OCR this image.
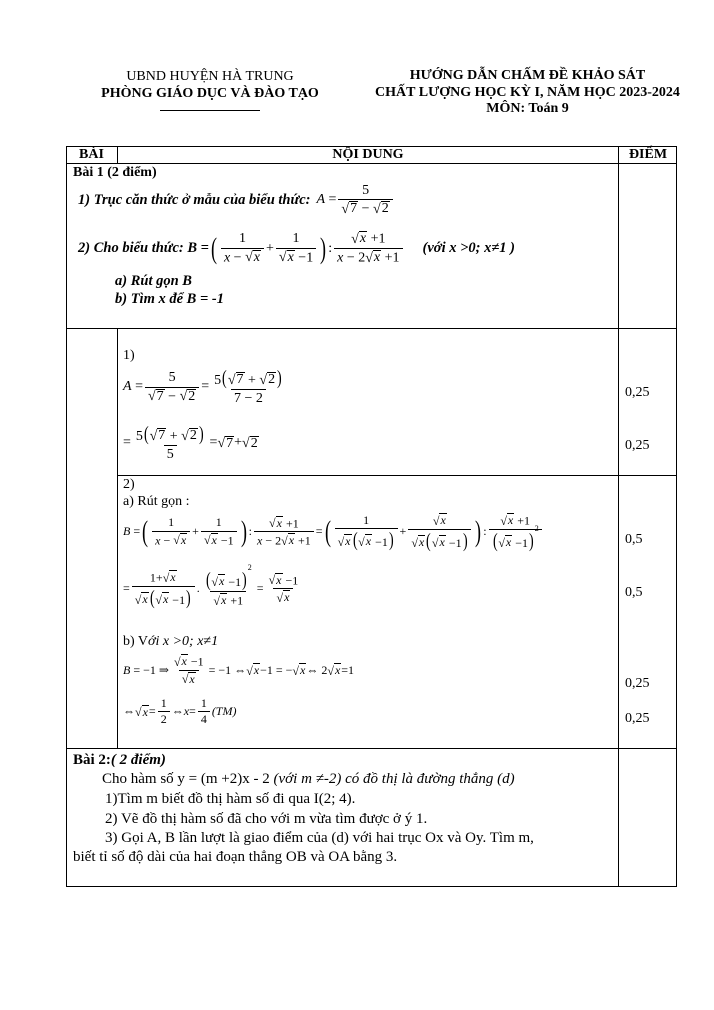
UBND HUYỆN HÀ TRUNG
PHÒNG GIÁO DỤC VÀ ĐÀO TẠO
HƯỚNG DẪN CHẤM ĐỀ KHẢO SÁT
CHẤT LƯỢNG HỌC KỲ I, NĂM HỌC 2023-2024
MÔN: Toán 9
BÀI	NỘI DUNG	ĐIỂM
Bài 1 (2 điểm)
1) Trục căn thức ở mẫu của biểu thức: $A = \frac{5}{√ 7 - √ 2}$
2) Cho biểu thức: B = ( $\frac{1}{x - √ x} + \frac{1}{√ x -1}$ ) : $\frac{√ x +1}{x - 2 √ x +1}$ (với x >0; x≠1 )
a) Rút gọn B
b) Tìm x để B = -1
1)
$A = \frac{5}{√ 7 - √ 2} = \frac{5( √ 7 + √ 2 )}{7 - 2}$
= $\frac{5( √ 7 + √ 2 )}{5}$ = √ 7 + √ 2
0,25
0,25
2)
a) Rút gọn :
B = ( $\frac{1}{x - √ x} + \frac{1}{√ x -1}$ ) : $\frac{√ x +1}{x - 2 √ x +1}$ = ( $\frac{1}{√ x ( √ x -1)} + \frac{√ x}{√ x ( √ x -1)}$ ) : $\frac{√ x +1}{( √ x -1)^2}$
= $\frac{1+ √ x}{√ x ( √ x -1)}$ . $\frac{( √ x -1)^2}{√ x +1} = \frac{√ x -1}{√ x}$
b) Với x >0; x≠1
B = −1 ⇒ $\frac{√ x -1}{√ x} = -1$ ⇔ √ x −1 = − √ x ⇔ 2 √ x =1
⇔ √ $x = \frac{1}{2}$ ⇔ $x = \frac{1}{4} (TM)$
0,5
0,5
0,25
0,25
Bài 2:( 2 điểm)
Cho hàm số y = (m +2)x - 2 (với m ≠-2) có đồ thị là đường thẳng (d)
1)Tìm m biết đồ thị hàm số đi qua I(2; 4).
2) Vẽ đồ thị hàm số đã cho với m vừa tìm được ở ý 1.
3) Gọi A, B lần lượt là giao điểm của (d) với hai trục Ox và Oy. Tìm m,
biết tỉ số độ dài của hai đoạn thẳng OB và OA bằng 3.
